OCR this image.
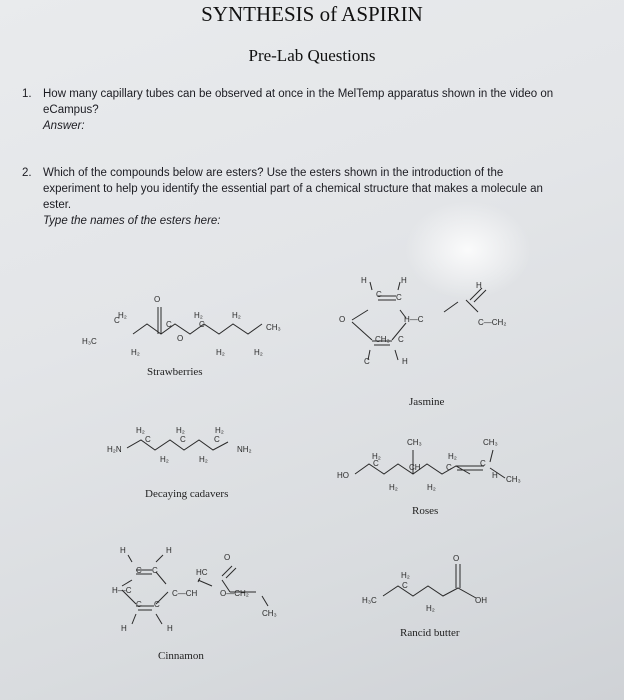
SYNTHESIS of ASPIRIN
Pre-Lab Questions
1. How many capillary tubes can be observed at once in the MelTemp apparatus shown in the video on
eCampus?
Answer:
2. Which of the compounds below are esters? Use the esters shown in the introduction of the
experiment to help you identify the essential part of a chemical structure that makes a molecule an
ester.
Type the names of the esters here:
H₂	H₂	H₂
C	C	C
H₃C	O
CH₃
H₂	H₂	H₂
O
H	H
C C
O	H—C	C—CH₂
CH₃ C
C	H
H
H₂	H₂	H₂
H₂N
C	C	C
NH₂
H₂	H₂
CH₃	CH₃
H₂	H₂
CH
C
HO
C	C
CH₃
H₂	H₂
H
H	H
C C	HC
H—C	C—CH	O—CH₂
C C
CH₃
H	H
O
H₂
C
H₃C	OH
H₂
O
Strawberries
Jasmine
Decaying cadavers
Roses
Cinnamon
Rancid butter
